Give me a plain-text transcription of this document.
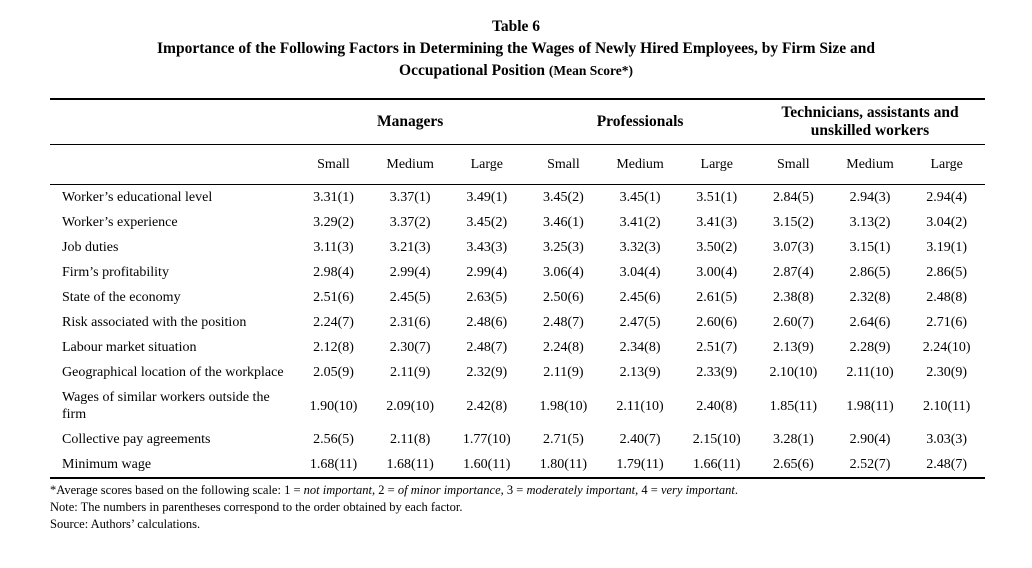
Table 6
Importance of the Following Factors in Determining the Wages of Newly Hired Employees, by Firm Size and
Occupational Position (Mean Score*)
	Managers			Professionals			Technicians, assistants and unskilled workers		
	Small	Medium	Large	Small	Medium	Large	Small	Medium	Large
Worker’s educational level	3.31(1)	3.37(1)	3.49(1)	3.45(2)	3.45(1)	3.51(1)	2.84(5)	2.94(3)	2.94(4)
Worker’s experience	3.29(2)	3.37(2)	3.45(2)	3.46(1)	3.41(2)	3.41(3)	3.15(2)	3.13(2)	3.04(2)
Job duties	3.11(3)	3.21(3)	3.43(3)	3.25(3)	3.32(3)	3.50(2)	3.07(3)	3.15(1)	3.19(1)
Firm’s profitability	2.98(4)	2.99(4)	2.99(4)	3.06(4)	3.04(4)	3.00(4)	2.87(4)	2.86(5)	2.86(5)
State of the economy	2.51(6)	2.45(5)	2.63(5)	2.50(6)	2.45(6)	2.61(5)	2.38(8)	2.32(8)	2.48(8)
Risk associated with the position	2.24(7)	2.31(6)	2.48(6)	2.48(7)	2.47(5)	2.60(6)	2.60(7)	2.64(6)	2.71(6)
Labour market situation	2.12(8)	2.30(7)	2.48(7)	2.24(8)	2.34(8)	2.51(7)	2.13(9)	2.28(9)	2.24(10)
Geographical location of the workplace	2.05(9)	2.11(9)	2.32(9)	2.11(9)	2.13(9)	2.33(9)	2.10(10)	2.11(10)	2.30(9)
Wages of similar workers outside the firm	1.90(10)	2.09(10)	2.42(8)	1.98(10)	2.11(10)	2.40(8)	1.85(11)	1.98(11)	2.10(11)
Collective pay agreements	2.56(5)	2.11(8)	1.77(10)	2.71(5)	2.40(7)	2.15(10)	3.28(1)	2.90(4)	3.03(3)
Minimum wage	1.68(11)	1.68(11)	1.60(11)	1.80(11)	1.79(11)	1.66(11)	2.65(6)	2.52(7)	2.48(7)
*Average scores based on the following scale: 1 = not important, 2 = of minor importance, 3 = moderately important, 4 = very important.
Note: The numbers in parentheses correspond to the order obtained by each factor.
Source: Authors’ calculations.
